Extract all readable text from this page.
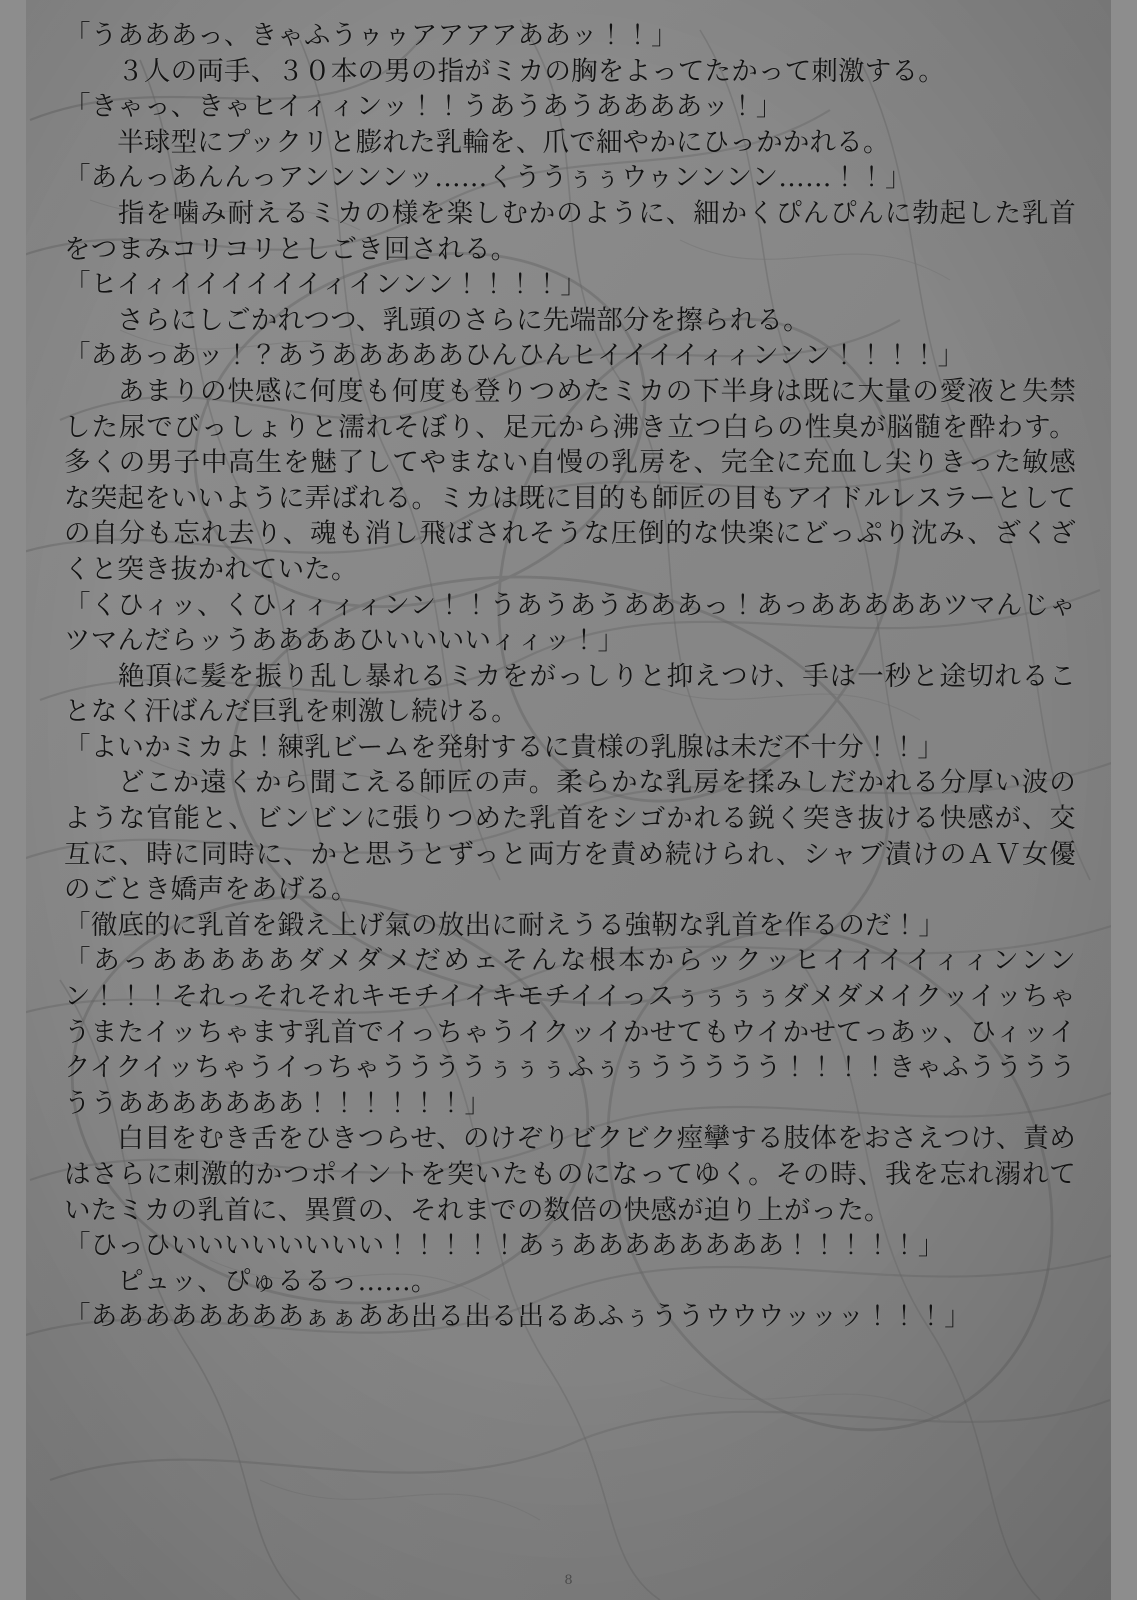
「うあああっ、きゃふうゥゥアアアアああッ！！」

　３人の両手、３０本の男の指がミカの胸をよってたかって刺激する。

「きゃっ、きゃヒイィィンッ！！うあうあうああああッ！」

　半球型にプックリと膨れた乳輪を、爪で細やかにひっかかれる。

「あんっあんんっアンンンンッ……くううぅぅウゥンンンン……！！」

　指を噛み耐えるミカの様を楽しむかのように、細かくぴんぴんに勃起した乳首をつまみコリコリとしごき回される。

「ヒイィイイイイイイィインンン！！！！」

　さらにしごかれつつ、乳頭のさらに先端部分を擦られる。

「ああっあッ！？あうあああああひんひんヒイイイイィィンンン！！！！」

　あまりの快感に何度も何度も登りつめたミカの下半身は既に大量の愛液と失禁した尿でびっしょりと濡れそぼり、足元から沸き立つ白らの性臭が脳髄を酔わす。多くの男子中高生を魅了してやまない自慢の乳房を、完全に充血し尖りきった敏感な突起をいいように弄ばれる。ミカは既に目的も師匠の目もアイドルレスラーとしての自分も忘れ去り、魂も消し飛ばされそうな圧倒的な快楽にどっぷり沈み、ざくざくと突き抜かれていた。

「くひィッ、くひィィィィンン！！うあうあうあああっ！あっあああああツマんじゃツマんだらッうああああひいいいいィィッ！」

　絶頂に髪を振り乱し暴れるミカをがっしりと抑えつけ、手は一秒と途切れることなく汗ばんだ巨乳を刺激し続ける。

「よいかミカよ！練乳ビームを発射するに貴様の乳腺は未だ不十分！！」

　どこか遠くから聞こえる師匠の声。柔らかな乳房を揉みしだかれる分厚い波のような官能と、ビンビンに張りつめた乳首をシゴかれる鋭く突き抜ける快感が、交互に、時に同時に、かと思うとずっと両方を責め続けられ、シャブ漬けのＡＶ女優のごとき嬌声をあげる。

「徹底的に乳首を鍛え上げ氣の放出に耐えうる強靭な乳首を作るのだ！」

「あっあああああダメダメだめェそんな根本からックッヒイイイイィィンンンン！！！それっそれそれキモチイイキモチイイっスぅぅぅぅダメダメイクッイッちゃうまたイッちゃます乳首でイっちゃうイクッイかせてもウイかせてっあッ、ひィッイクイクイッちゃうイっちゃううううぅぅぅふぅぅううううう！！！！きゃふううううううあああああああ！！！！！！」

　白目をむき舌をひきつらせ、のけぞりビクビク痙攣する肢体をおさえつけ、責めはさらに刺激的かつポイントを突いたものになってゆく。その時、我を忘れ溺れていたミカの乳首に、異質の、それまでの数倍の快感が迫り上がった。

「ひっひいいいいいいいい！！！！！あぅああああああああ！！！！！」

　ピュッ、ぴゅるるっ……。

「ああああああああぁぁああ出る出る出るあふぅううウウウッッッ！！！」

8
